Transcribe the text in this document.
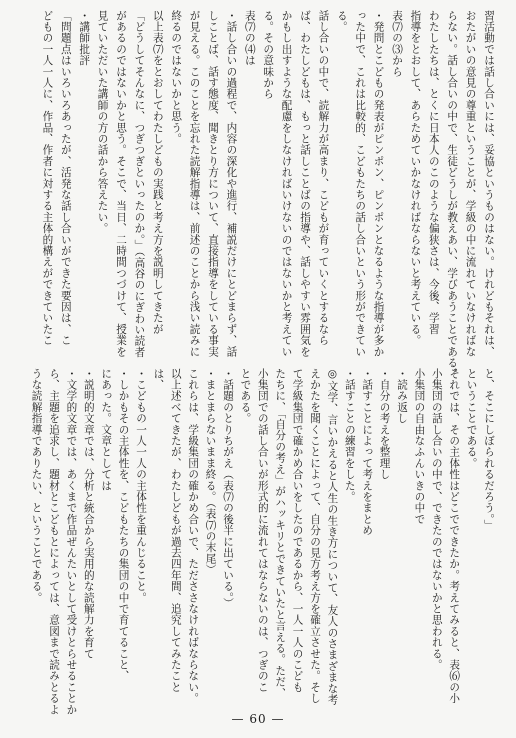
習活動では話し合いには、妥協というものはない。けれどもそれは、
おたがいの意見の尊重ということが、学級の中に流れていなければな
らない。話し合いの中で、生徒どうしが教えあい、学びあうことである。
わたしたちは、とくに日本人のこのような偏狭さは、今後、学習
指導をとおして、あらためていかなければならないと考えている。
表⑺の⑶から
・発問とこどもの発表がピンポン、ピンポンとなるような指導が多か
った中で、これは比較的、こどもたちの話し合いという形ができてい
る。
話し合いの中で、読解力が高まり、こどもが育っていくとするなら
ば、わたしどもは、もっと話しことばの指導や、話しやすい雰囲気を
かもし出すような配慮をしなければいけないのではないかと考えてい
る。その意味から
表⑺の⑷は
・話し合いの過程で、内容の深化や進行、補説だけにとどまらず、話
しことば、話す態度、聞きとり方について、直接指導をしている事実
が見える。このことを忘れた読解指導は、前述のことから浅い読みに
終るのではないかと思う。
以上表⑺をとおしてわたしどもの実践と考え方を説明してきたが
「どうしてそんなに、つぎつぎといったのか。」（高谷のにぎわい読者
があるのではないかと思う。そこで、当日、二時間つづけて、授業を
見ていただいた講師の方の話から答えたい。
・講師批評
「問題点はいろいろあったが、活発な話し合いができた要因は、こ
どもの一人一人に、作品、作者に対する主体的構えができていたこ
と、そこにしぼられるだろう。」
ということである。
それでは、その主体性はどこでできたか。考えてみると、表⑹の小
小集団の話し合いの中で、できたのではないかと思われる。
小集団の自由なふんいきの中で
・読み返し
・自分の考えを整理し
・話すことによって考えをまとめ
・話すことの練習をした。
◎文学、言いかえると人生の生き方について、友人のさまざまな考
えかたを聞くことによって、自分の見方考え方を確立させた。そし
て学級集団で確かめ合いをしたのであるから、一人一人のこども
たちに、「自分の考え」がハッキリとできていたと言える。ただ、
小集団での話し合いが形式的に流れてはならないのは、つぎのこ
とである。
・話題のとりちがえ（表⑺の後半に出ている。）
・まとまらないまま終る。（表⑺の末尾）
これらは、学級集団の確かめ合いで、ただささなければならない。
以上述べてきたが、わたしどもが過去四年間、追究してみたこと
は、
・こどもの一人一人の主体性を重んじること。
・しかもその主体性を、こどもたちの集団の中で育てること、
にあった。文章としては
・説明的文章では、分析と統合から実用的な読解力を育て
・文学的文章では、あくまで作品ぜんたいとして受けとらせることか
ら、主題を追求し、題材とこどもとによっては、意図まで読みとるよ
うな読解指導でありたい、ということである。
— 60 —
